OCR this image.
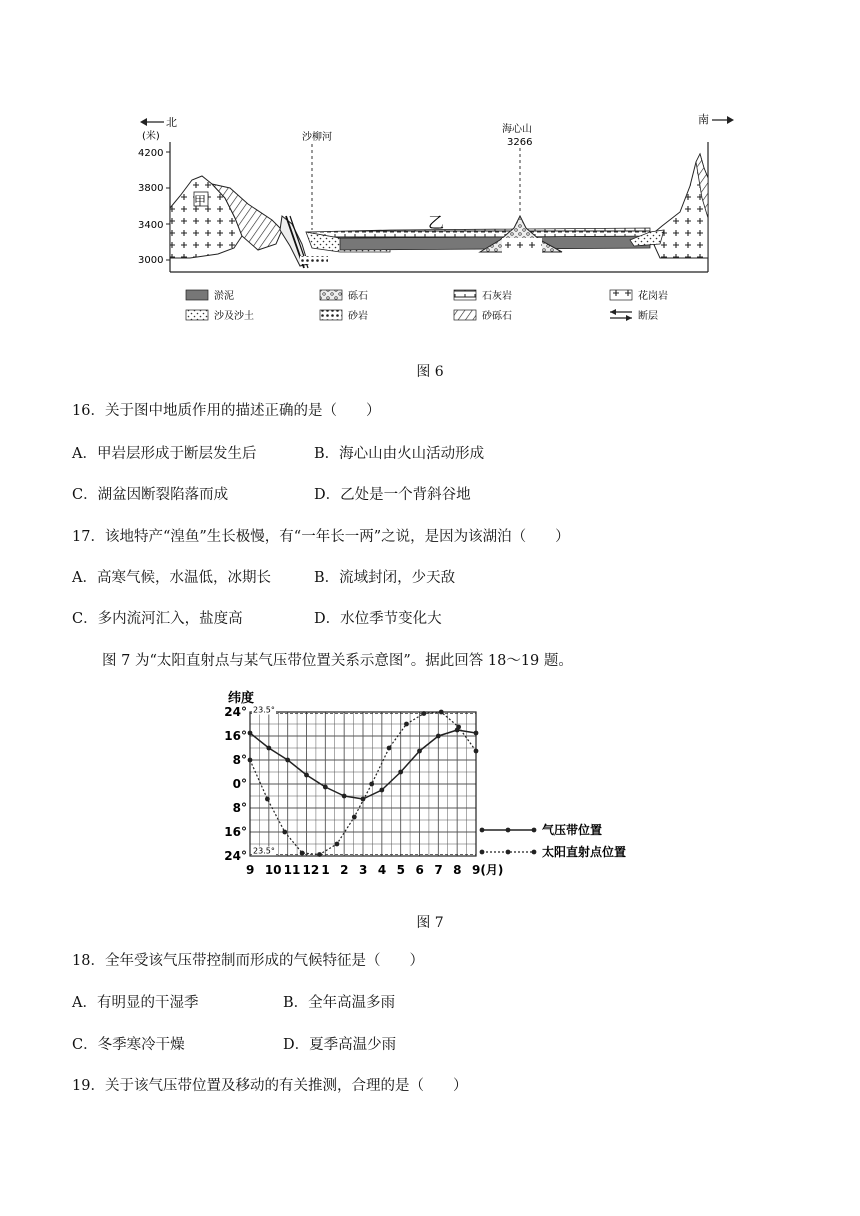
北	南
(米)
4200
3800
3400
3000
甲
乙
沙柳河
海心山
3266
淤泥	砾石	石灰岩	花岗岩
沙及沙土	砂岩	砂砾石	断层
图 6
16．关于图中地质作用的描述正确的是（　　）
A．甲岩层形成于断层发生后	B．海心山由火山活动形成
C．湖盆因断裂陷落而成	D．乙处是一个背斜谷地
17．该地特产“湟鱼”生长极慢，有“一年长一两”之说，是因为该湖泊（　　）
A．高寒气候，水温低，冰期长	B．流域封闭，少天敌
C．多内流河汇入，盐度高	D．水位季节变化大
图 7 为“太阳直射点与某气压带位置关系示意图”。据此回答 18～19 题。
纬度
24°
16°
8°
0°
8°
16°
24°
9 10 11 12 1 2 3 4 5 6 7 8 9(月)
23.5°
23.5°
气压带位置
太阳直射点位置
图 7
18．全年受该气压带控制而形成的气候特征是（　　）
A．有明显的干湿季	B．全年高温多雨
C．冬季寒冷干燥	D．夏季高温少雨
19．关于该气压带位置及移动的有关推测，合理的是（　　）
